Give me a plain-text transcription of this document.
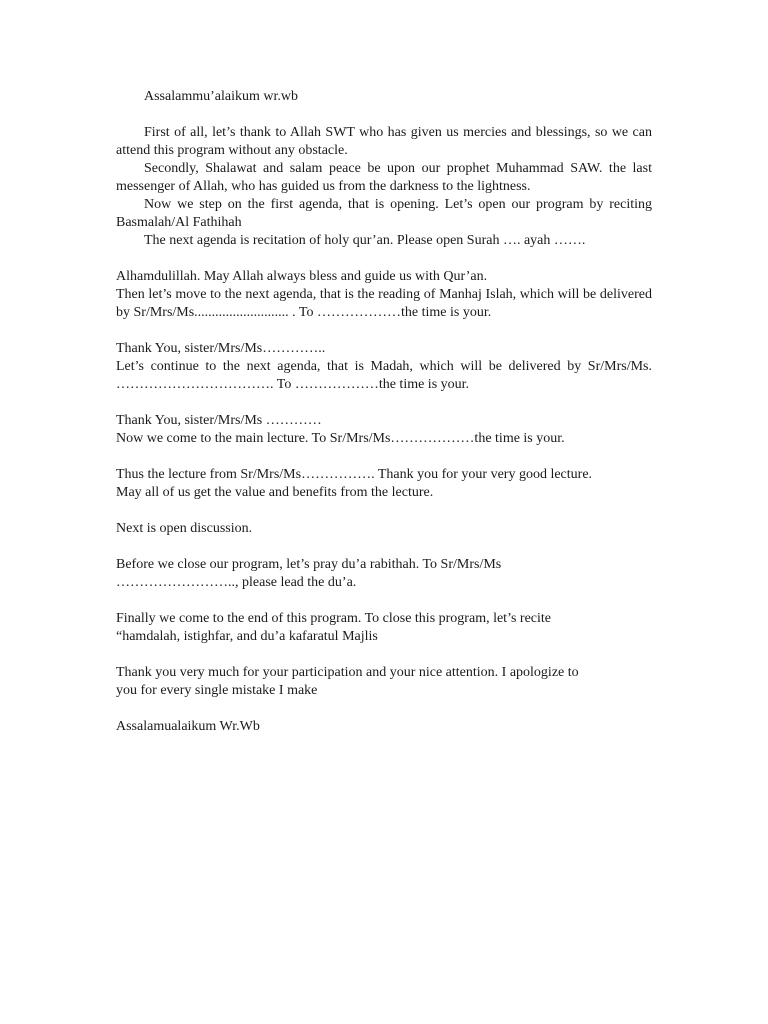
Assalammu’alaikum wr.wb

First of all, let’s thank to Allah SWT who has given us mercies and blessings, so we can attend this program without any obstacle.

Secondly, Shalawat and salam peace be upon our prophet Muhammad SAW. the last messenger of Allah, who has guided us from the darkness to the lightness.

Now we step on the first agenda, that is opening. Let’s open our program by reciting Basmalah/Al Fathihah

The next agenda is recitation of holy qur’an. Please open Surah …. ayah …….

Alhamdulillah. May Allah always bless and guide us with Qur’an.

Then let’s move to the next agenda, that is the reading of Manhaj Islah, which will be delivered by Sr/Mrs/Ms........................... . To ………………the time is your.

Thank You, sister/Mrs/Ms…………..

Let’s continue to the next agenda, that is Madah, which will be delivered by Sr/Mrs/Ms. ……………………………. To ………………the time is your.

Thank You, sister/Mrs/Ms …………

Now we come to the main lecture. To Sr/Mrs/Ms………………the time is your.

Thus the lecture from Sr/Mrs/Ms……………. Thank you for your very good lecture.

May all of us get the value and benefits from the lecture.

Next is open discussion.

Before we close our program, let’s pray du’a rabithah. To Sr/Mrs/Ms

…………………….., please lead the du’a.

Finally we come to the end of this program. To close this program, let’s recite

“hamdalah, istighfar, and du’a kafaratul Majlis

Thank you very much for your participation and your nice attention. I apologize to

you for every single mistake I make

Assalamualaikum Wr.Wb
